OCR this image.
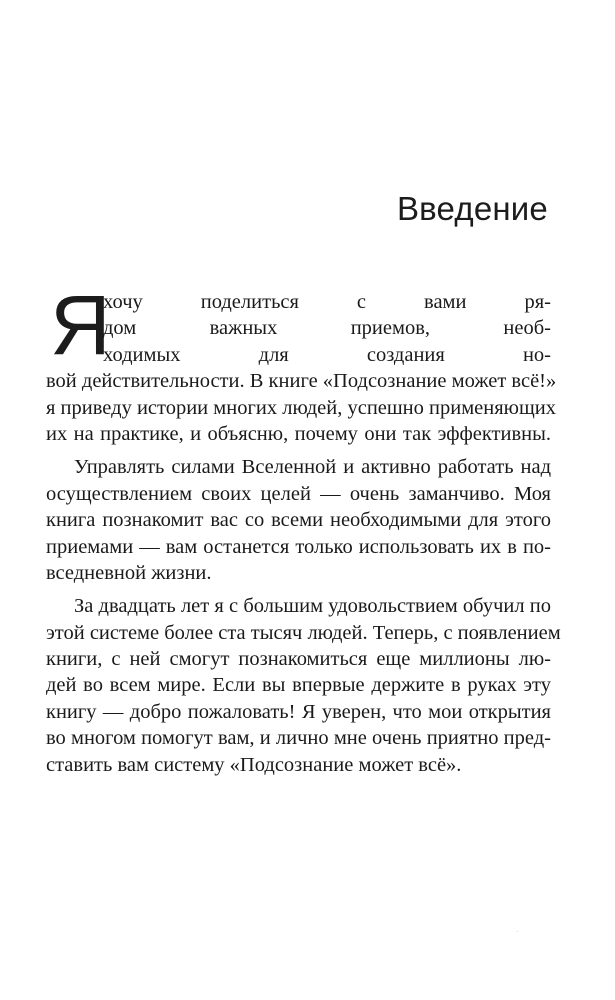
Введение
Я
хочу поделиться с вами ря-
дом важных приемов, необ-
ходимых для создания но-
вой действительности. В книге «Подсознание может всё!»
я приведу истории многих людей, успешно применяющих
их на практике, и объясню, почему они так эффективны.
Управлять силами Вселенной и активно работать над
осуществлением своих целей — очень заманчиво. Моя
книга познакомит вас со всеми необходимыми для этого
приемами — вам останется только использовать их в по-
вседневной жизни.
За двадцать лет я с большим удовольствием обучил по
этой системе более ста тысяч людей. Теперь, с появлением
книги, с ней смогут познакомиться еще миллионы лю-
дей во всем мире. Если вы впервые держите в руках эту
книгу — добро пожаловать! Я уверен, что мои открытия
во многом помогут вам, и лично мне очень приятно пред-
ставить вам систему «Подсознание может всё».
·
